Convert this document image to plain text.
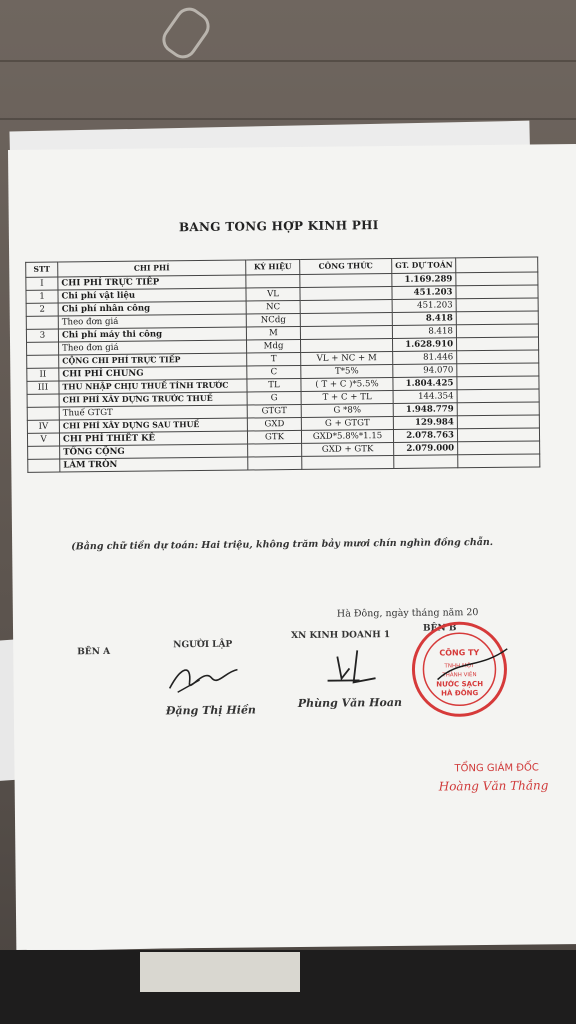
BANG TONG HỢP KINH PHI
STT	CHI PHÍ	KÝ HIỆU	CÔNG THỨC	GT. DỰ TOÁN	
I	CHI PHÍ TRỰC TIẾP			1.169.289	
1	Chi phí vật liệu	VL		451.203	
2	Chi phí nhân công	NC		451.203	
	Theo đơn giá	NCdg		8.418	
3	Chi phí máy thi công	M		8.418	
	Theo đơn giá	Mdg		1.628.910	
	CỘNG CHI PHÍ TRỰC TIẾP	T	VL + NC + M	81.446	
II	CHI PHÍ CHUNG	C	T*5%	94.070	
III	THU NHẬP CHỊU THUẾ TÍNH TRƯỚC	TL	( T + C )*5.5%	1.804.425	
	CHI PHÍ XÂY DỰNG TRƯỚC THUẾ	G	T + C + TL	144.354	
	Thuế GTGT	GTGT	G *8%	1.948.779	
IV	CHI PHÍ XÂY DỰNG SAU THUẾ	GXD	G + GTGT	129.984	
V	CHI PHÍ THIẾT KẾ	GTK	GXD*5.8%*1.15	2.078.763	
	TỔNG CỘNG		GXD + GTK	2.079.000	
	LÀM TRÒN				
(Bằng chữ tiền dự toán: Hai triệu, không trăm bảy mươi chín nghìn đồng chẵn.
Hà Đông, ngày tháng năm 20
BÊN A
NGƯỜI LẬP
XN KINH DOANH 1
BÊN B
Đặng Thị Hiền
Phùng Văn Hoan
CÔNG TY
TNHH MỘT
THÀNH VIÊN
NƯỚC SẠCH
HÀ ĐÔNG
TỔNG GIÁM ĐỐC
Hoàng Văn Thắng
